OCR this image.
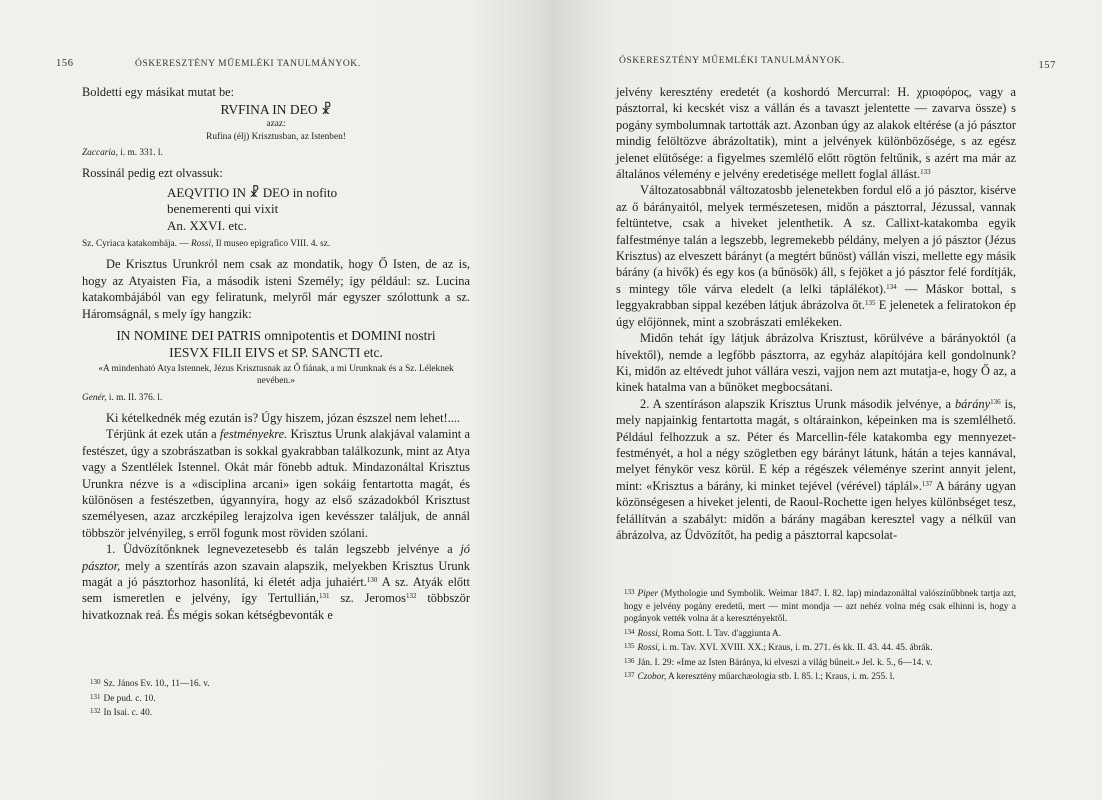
156	ÓSKERESZTÉNY MŰEMLÉKI TANULMÁNYOK.	ÓSKERESZTÉNY MŰEMLÉKI TANULMÁNYOK.	157

Boldetti egy másikat mutat be:

RVFINA IN DEO ☧

azaz:

Rufina (élj) Krisztusban, az Istenben!

Zaccaria, i. m. 331. l.

Rossinál pedig ezt olvassuk:

AEQVITIO IN ☧ DEO in nofito
benemerenti qui vixit
An. XXVI. etc.

Sz. Cyriaca katakombája. — Rossi, Il museo epigrafico VIII. 4. sz.

De Krisztus Urunkról nem csak az mondatik, hogy Ő Isten, de az is, hogy az Atyaisten Fia, a második isteni Személy; így például: sz. Lucina katakombájából van egy feliratunk, melyről már egyszer szólottunk a sz. Háromságnál, s mely így hangzik:

IN NOMINE DEI PATRIS omnipotentis et DOMINI nostri

IESVX FILII EIVS et SP. SANCTI etc.

«A mindenható Atya Istennek, Jézus Krisztusnak az Ő fiának, a mi Urunknak és a Sz. Léleknek nevében.»

Genér, i. m. II. 376. l.

Ki kételkednék még ezután is? Úgy hiszem, józan észszel nem lehet!....

Térjünk át ezek után a festményekre. Krisztus Urunk alakjával valamint a festészet, úgy a szobrászatban is sokkal gyakrabban találkozunk, mint az Atya vagy a Szentlélek Istennel. Okát már fönebb adtuk. Mindazonáltal Krisztus Urunkra nézve is a «disciplina arcani» igen sokáig fentartotta magát, és különösen a festészetben, úgyannyira, hogy az első századokból Krisztust személyesen, azaz arczképileg lerajzolva igen kevésszer találjuk, de annál többször jelvényileg, s erről fogunk most röviden szólani.

1. Üdvözítőnknek legnevezetesebb és talán legszebb jelvénye a jó pásztor, mely a szentírás azon szavain alapszik, melyekben Krisztus Urunk magát a jó pásztorhoz hasonlítá, ki életét adja juhaiért.$^{130}$ A sz. Atyák előtt sem ismeretlen e jelvény, így Tertullián,$^{131}$ sz. Jeromos$^{132}$ többször hivatkoznak reá. És mégis sokan kétségbevonták e

$^{130}$ Sz. János Ev. 10., 11—16. v.

$^{131}$ De pud. c. 10.

$^{132}$ In Isai. c. 40.

jelvény keresztény eredetét (a koshordó Mercurral: H. χριοφόρος, vagy a pásztorral, ki kecskét visz a vállán és a tavaszt jelentette — zavarva össze) s pogány symbolumnak tartották azt. Azonban úgy az alakok eltérése (a jó pásztor mindig felöltözve ábrázoltatik), mint a jelvények különbözősége, s az egész jelenet elütősége: a figyelmes szemlélő előtt rögtön feltűnik, s azért ma már az általános vélemény e jelvény eredetisége mellett foglal állást.$^{133}$

Változatosabbnál változatosbb jelenetekben fordul elő a jó pásztor, kisérve az ő bárányaitól, melyek természetesen, midőn a pásztorral, Jézussal, vannak feltüntetve, csak a hiveket jelenthetik. A sz. Callixt-katakomba egyik falfestménye talán a legszebb, legremekebb példány, melyen a jó pásztor (Jézus Krisztus) az elveszett bárányt (a megtért bűnöst) vállán viszi, mellette egy másik bárány (a hivők) és egy kos (a bűnösök) áll, s fejöket a jó pásztor felé fordítják, s mintegy tőle várva eledelt (a lelki táplálékot).$^{134}$ — Máskor bottal, s leggyakrabban sippal kezében látjuk ábrázolva őt.$^{135}$ E jelenetek a feliratokon ép úgy előjönnek, mint a szobrászati emlékeken.

Midőn tehát így látjuk ábrázolva Krisztust, körülvéve a bárányoktól (a hívektől), nemde a legfőbb pásztorra, az egyház alapítójára kell gondolnunk? Ki, midőn az eltévedt juhot vállára veszi, vajjon nem azt mutatja-e, hogy Ő az, a kinek hatalma van a bűnöket megbocsátani.

2. A szentíráson alapszik Krisztus Urunk második jelvénye, a bárány$^{136}$ is, mely napjainkig fentartotta magát, s oltárainkon, képeinken ma is szemlélhető. Például felhozzuk a sz. Péter és Marcellin-féle katakomba egy mennyezet-festményét, a hol a négy szögletben egy bárányt látunk, hátán a tejes kannával, melyet fénykör vesz körül. E kép a régészek véleménye szerint annyit jelent, mint: «Krisztus a bárány, ki minket tejével (vérével) táplál».$^{137}$ A bárány ugyan közönségesen a hiveket jelenti, de Raoul-Rochette igen helyes különbséget tesz, felállítván a szabályt: midőn a bárány magában keresztel vagy a nélkül van ábrázolva, az Üdvözítőt, ha pedig a pásztorral kapcsolat-

$^{133}$ Piper (Mythologie und Symbolik. Weimar 1847. I. 82. lap) mindazonáltal valószínűbbnek tartja azt, hogy e jelvény pogány eredetű, mert — mint mondja — azt nehéz volna még csak elhinni is, hogy a pogányok vették volna át a keresztényektől.

$^{134}$ Rossi, Roma Sott. I. Tav. d'aggiunta A.

$^{135}$ Rossi, i. m. Tav. XVI. XVIII. XX.; Kraus, i. m. 271. és kk. II. 43. 44. 45. ábrák.

$^{136}$ Ján. I. 29: «Ime az Isten Báránya, ki elveszi a világ bűneit.» Jel. k. 5., 6—14. v.

$^{137}$ Czobor, A keresztény műarchæologia stb. I. 85. l.; Kraus, i. m. 255. l.
